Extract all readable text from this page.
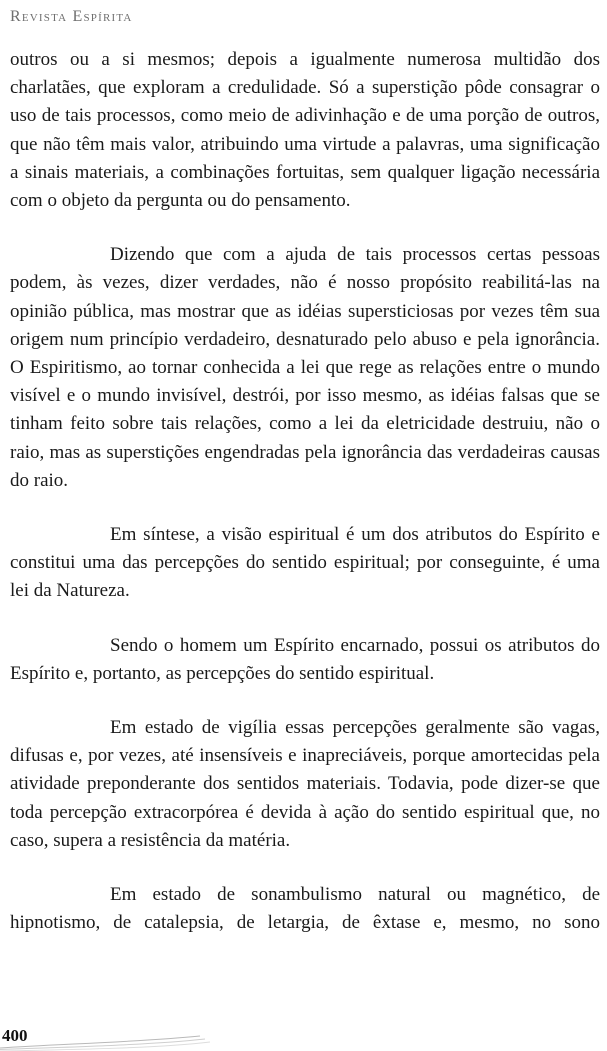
Revista Espírita

outros ou a si mesmos; depois a igualmente numerosa multidão dos charlatães, que exploram a credulidade. Só a superstição pôde consagrar o uso de tais processos, como meio de adivinhação e de uma porção de outros, que não têm mais valor, atribuindo uma virtude a palavras, uma significação a sinais materiais, a combinações fortuitas, sem qualquer ligação necessária com o objeto da pergunta ou do pensamento.

Dizendo que com a ajuda de tais processos certas pessoas podem, às vezes, dizer verdades, não é nosso propósito reabilitá-las na opinião pública, mas mostrar que as idéias supersticiosas por vezes têm sua origem num princípio verdadeiro, desnaturado pelo abuso e pela ignorância. O Espiritismo, ao tornar conhecida a lei que rege as relações entre o mundo visível e o mundo invisível, destrói, por isso mesmo, as idéias falsas que se tinham feito sobre tais relações, como a lei da eletricidade destruiu, não o raio, mas as superstições engendradas pela ignorância das verdadeiras causas do raio.

Em síntese, a visão espiritual é um dos atributos do Espírito e constitui uma das percepções do sentido espiritual; por conseguinte, é uma lei da Natureza.

Sendo o homem um Espírito encarnado, possui os atributos do Espírito e, portanto, as percepções do sentido espiritual.

Em estado de vigília essas percepções geralmente são vagas, difusas e, por vezes, até insensíveis e inapreciáveis, porque amortecidas pela atividade preponderante dos sentidos materiais. Todavia, pode dizer-se que toda percepção extracorpórea é devida à ação do sentido espiritual que, no caso, supera a resistência da matéria.

Em estado de sonambulismo natural ou magnético, de hipnotismo, de catalepsia, de letargia, de êxtase e, mesmo, no sono

400
